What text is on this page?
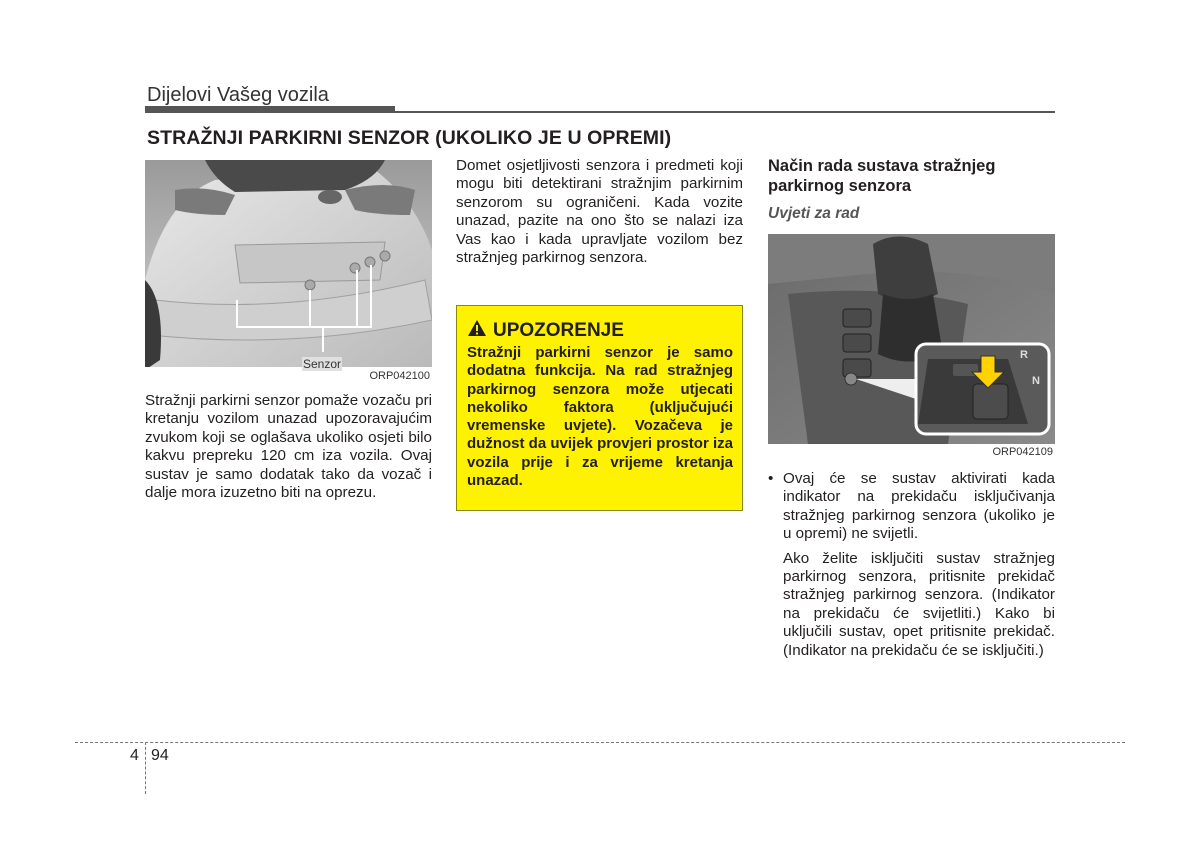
Dijelovi Vašeg vozila
STRAŽNJI PARKIRNI SENZOR (UKOLIKO JE U OPREMI)
Senzor
ORP042100
Stražnji parkirni senzor pomaže vozaču pri kretanju vozilom unazad upozoravajućim zvukom koji se oglašava ukoliko osjeti bilo kakvu prepreku 120 cm iza vozila. Ovaj sustav je samo dodatak tako da vozač i dalje mora izuzetno biti na oprezu.
Domet osjetljivosti senzora i predmeti koji mogu biti detektirani stražnjim parkirnim senzorom su ograničeni. Kada vozite unazad, pazite na ono što se nalazi iza Vas kao i kada upravljate vozilom bez stražnjeg parkirnog senzora.
UPOZORENJE
Stražnji parkirni senzor je samo dodatna funkcija. Na rad stražnjeg parkirnog senzora može utjecati nekoliko faktora (uključujući vremenske uvjete). Vozačeva je dužnost da uvijek provjeri prostor iza vozila prije i za vrijeme kretanja unazad.
Način rada sustava stražnjeg parkirnog senzora
Uvjeti za rad
R
N
ORP042109
• Ovaj će se sustav aktivirati kada indikator na prekidaču isključivanja stražnjeg parkirnog senzora (ukoliko je u opremi) ne svijetli.
Ako želite isključiti sustav stražnjeg parkirnog senzora, pritisnite prekidač stražnjeg parkirnog senzora. (Indikator na prekidaču će svijetliti.) Kako bi uključili sustav, opet pritisnite prekidač. (Indikator na prekidaču će se isključiti.)
4 94
